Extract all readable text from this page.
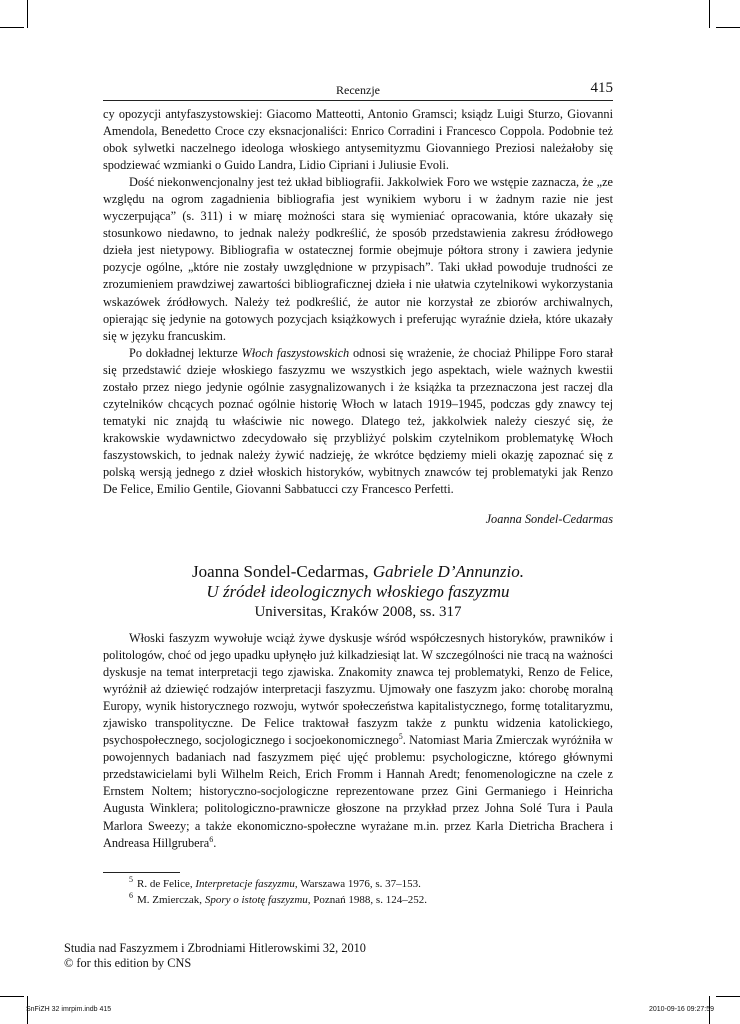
Recenzje	415

cy opozycji antyfaszystowskiej: Giacomo Matteotti, Antonio Gramsci; ksiądz Luigi Sturzo, Giovanni Amendola, Benedetto Croce czy eksnacjonaliści: Enrico Corradini i Francesco Coppola. Podobnie też obok sylwetki naczelnego ideologa włoskiego antysemityzmu Giovanniego Preziosi należałoby się spodziewać wzmianki o Guido Landra, Lidio Cipriani i Juliusie Evoli.

Dość niekonwencjonalny jest też układ bibliografii. Jakkolwiek Foro we wstępie zaznacza, że „ze względu na ogrom zagadnienia bibliografia jest wynikiem wyboru i w żadnym razie nie jest wyczerpująca” (s. 311) i w miarę możności stara się wymieniać opracowania, które ukazały się stosunkowo niedawno, to jednak należy podkreślić, że sposób przedstawienia zakresu źródłowego dzieła jest nietypowy. Bibliografia w ostatecznej formie obejmuje półtora strony i zawiera jedynie pozycje ogólne, „które nie zostały uwzględnione w przypisach”. Taki układ powoduje trudności ze zrozumieniem prawdziwej zawartości bibliograficznej dzieła i nie ułatwia czytelnikowi wykorzystania wskazówek źródłowych. Należy też podkreślić, że autor nie korzystał ze zbiorów archiwalnych, opierając się jedynie na gotowych pozycjach książkowych i preferując wyraźnie dzieła, które ukazały się w języku francuskim.

Po dokładnej lekturze Włoch faszystowskich odnosi się wrażenie, że chociaż Philippe Foro starał się przedstawić dzieje włoskiego faszyzmu we wszystkich jego aspektach, wiele ważnych kwestii zostało przez niego jedynie ogólnie zasygnalizowanych i że książka ta przeznaczona jest raczej dla czytelników chcących poznać ogólnie historię Włoch w latach 1919–1945, podczas gdy znawcy tej tematyki nic znajdą tu właściwie nic nowego. Dlatego też, jakkolwiek należy cieszyć się, że krakowskie wydawnictwo zdecydowało się przybliżyć polskim czytelnikom problematykę Włoch faszystowskich, to jednak należy żywić nadzieję, że wkrótce będziemy mieli okazję zapoznać się z polską wersją jednego z dzieł włoskich historyków, wybitnych znawców tej problematyki jak Renzo De Felice, Emilio Gentile, Giovanni Sabbatucci czy Francesco Perfetti.

Joanna Sondel-Cedarmas
Joanna Sondel-Cedarmas, Gabriele D’Annunzio.
U źródeł ideologicznych włoskiego faszyzmu
Universitas, Kraków 2008, ss. 317

Włoski faszyzm wywołuje wciąż żywe dyskusje wśród współczesnych historyków, prawników i politologów, choć od jego upadku upłynęło już kilkadziesiąt lat. W szczególności nie tracą na ważności dyskusje na temat interpretacji tego zjawiska. Znakomity znawca tej problematyki, Renzo de Felice, wyróżnił aż dziewięć rodzajów interpretacji faszyzmu. Ujmowały one faszyzm jako: chorobę moralną Europy, wynik historycznego rozwoju, wytwór społeczeństwa kapitalistycznego, formę totalitaryzmu, zjawisko transpolityczne. De Felice traktował faszyzm także z punktu widzenia katolickiego, psychospołecznego, socjologicznego i socjoekonomicznego$^5$. Natomiast Maria Zmierczak wyróżniła w powojennych badaniach nad faszyzmem pięć ujęć problemu: psychologiczne, którego głównymi przedstawicielami byli Wilhelm Reich, Erich Fromm i Hannah Aredt; fenomenologiczne na czele z Ernstem Noltem; historyczno-socjologiczne reprezentowane przez Gini Germaniego i Heinricha Augusta Winklera; politologiczno-prawnicze głoszone na przykład przez Johna Solé Tura i Paula Marlora Sweezy; a także ekonomiczno-społeczne wyrażane m.in. przez Karla Dietricha Brachera i Andreasa Hillgrubera$^6$.

$^5$ R. de Felice, Interpretacje faszyzmu, Warszawa 1976, s. 37–153.
$^6$ M. Zmierczak, Spory o istotę faszyzmu, Poznań 1988, s. 124–252.
Studia nad Faszyzmem i Zbrodniami Hitlerowskimi 32, 2010
© for this edition by CNS
SnFiZH 32 imrpim.indb 415	2010-09-16 09:27:59
